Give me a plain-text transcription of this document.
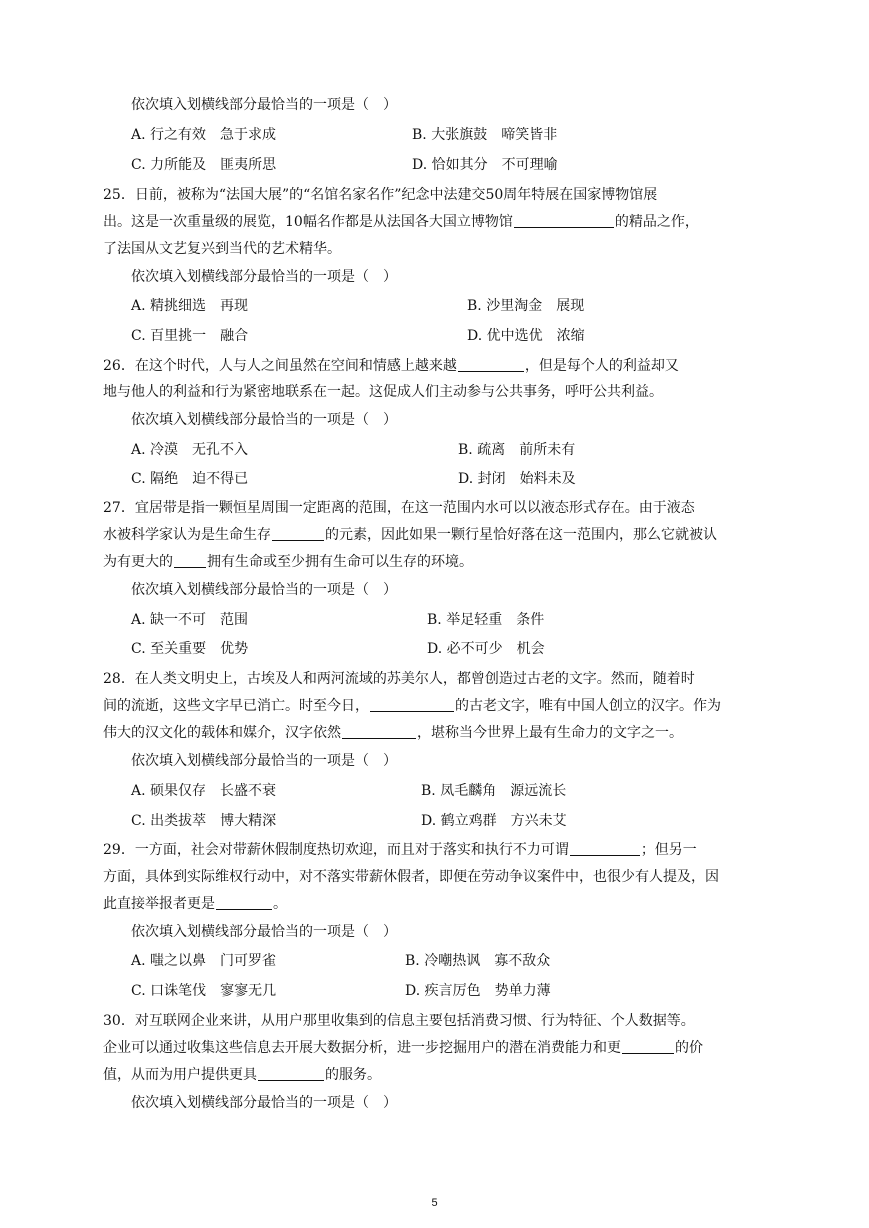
依次填入划横线部分最恰当的一项是（　）
A. 行之有效　急于求成	B. 大张旗鼓　啼笑皆非
C. 力所能及　匪夷所思	D. 恰如其分　不可理喻
25．日前，被称为“法国大展”的“名馆名家名作”纪念中法建交50周年特展在国家博物馆展
出。这是一次重量级的展览，10幅名作都是从法国各大国立博物馆	的精品之作，
了法国从文艺复兴到当代的艺术精华。
依次填入划横线部分最恰当的一项是（　）
A. 精挑细选　再现	B. 沙里淘金　展现
C. 百里挑一　融合	D. 优中选优　浓缩
26．在这个时代，人与人之间虽然在空间和情感上越来越	，但是每个人的利益却又
地与他人的利益和行为紧密地联系在一起。这促成人们主动参与公共事务，呼吁公共利益。
依次填入划横线部分最恰当的一项是（　）
A. 冷漠　无孔不入	B. 疏离　前所未有
C. 隔绝　迫不得已	D. 封闭　始料未及
27．宜居带是指一颗恒星周围一定距离的范围，在这一范围内水可以以液态形式存在。由于液态
水被科学家认为是生命生存	的元素，因此如果一颗行星恰好落在这一范围内，那么它就被认
为有更大的 拥有生命或至少拥有生命可以生存的环境。
依次填入划横线部分最恰当的一项是（　）
A. 缺一不可　范围	B. 举足轻重　条件
C. 至关重要　优势	D. 必不可少　机会
28．在人类文明史上，古埃及人和两河流域的苏美尔人，都曾创造过古老的文字。然而，随着时
间的流逝，这些文字早已消亡。时至今日，	的古老文字，唯有中国人创立的汉字。作为
伟大的汉文化的载体和媒介，汉字依然	，堪称当今世界上最有生命力的文字之一。
依次填入划横线部分最恰当的一项是（　）
A. 硕果仅存　长盛不衰	B. 凤毛麟角　源远流长
C. 出类拔萃　博大精深	D. 鹤立鸡群　方兴未艾
29．一方面，社会对带薪休假制度热切欢迎，而且对于落实和执行不力可谓	；但另一
方面，具体到实际维权行动中，对不落实带薪休假者，即便在劳动争议案件中，也很少有人提及，因
此直接举报者更是	。
依次填入划横线部分最恰当的一项是（　）
A. 嗤之以鼻　门可罗雀	B. 冷嘲热讽　寡不敌众
C. 口诛笔伐　寥寥无几	D. 疾言厉色　势单力薄
30．对互联网企业来讲，从用户那里收集到的信息主要包括消费习惯、行为特征、个人数据等。
企业可以通过收集这些信息去开展大数据分析，进一步挖掘用户的潜在消费能力和更	的价
值，从而为用户提供更具	的服务。
依次填入划横线部分最恰当的一项是（　）
5
